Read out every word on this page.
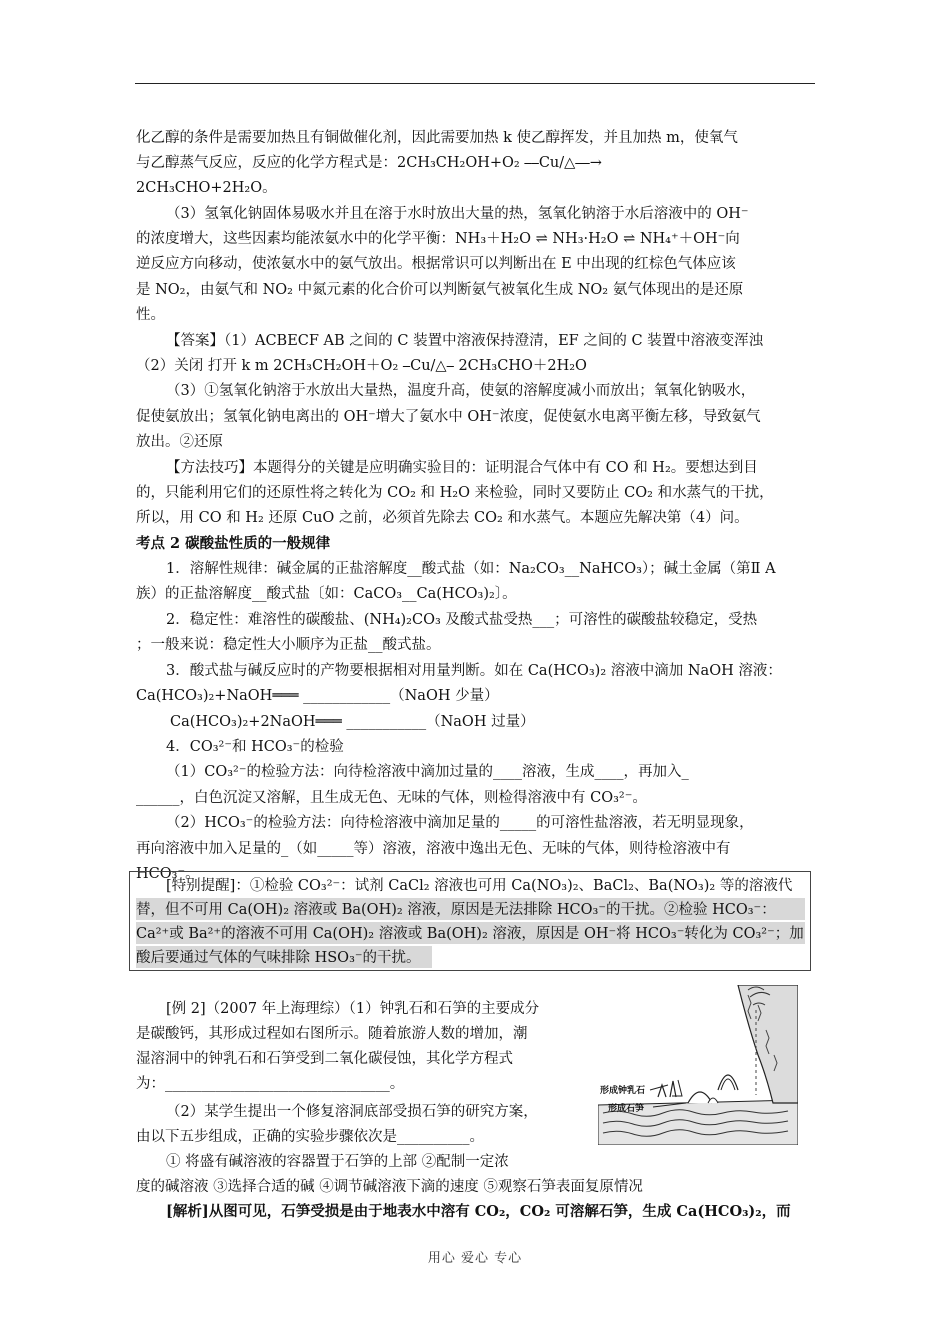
化乙醇的条件是需要加热且有铜做催化剂，因此需要加热 k 使乙醇挥发，并且加热 m，使氧气
与乙醇蒸气反应，反应的化学方程式是：2CH₃CH₂OH+O₂ ⎯⎯Cu/△⎯⎯→
2CH₃CHO+2H₂O。
（3）氢氧化钠固体易吸水并且在溶于水时放出大量的热，氢氧化钠溶于水后溶液中的 OH⁻
的浓度增大，这些因素均能浓氨水中的化学平衡：NH₃＋H₂O ⇌ NH₃·H₂O ⇌ NH₄⁺＋OH⁻向
逆反应方向移动，使浓氨水中的氨气放出。根据常识可以判断出在 E 中出现的红棕色气体应该
是 NO₂，由氨气和 NO₂ 中氮元素的化合价可以判断氨气被氧化生成 NO₂ 氨气体现出的是还原
性。
【答案】（1）ACBECF AB 之间的 C 装置中溶液保持澄清，EF 之间的 C 装置中溶液变浑浊
（2）关闭 打开 k m 2CH₃CH₂OH＋O₂ ⎯Cu/△⎯ 2CH₃CHO＋2H₂O
（3）①氢氧化钠溶于水放出大量热，温度升高，使氨的溶解度减小而放出；氧氧化钠吸水，
促使氨放出；氢氧化钠电离出的 OH⁻增大了氨水中 OH⁻浓度，促使氨水电离平衡左移，导致氨气
放出。②还原
【方法技巧】本题得分的关键是应明确实验目的：证明混合气体中有 CO 和 H₂。要想达到目
的，只能利用它们的还原性将之转化为 CO₂ 和 H₂O 来检验，同时又要防止 CO₂ 和水蒸气的干扰，
所以，用 CO 和 H₂ 还原 CuO 之前，必须首先除去 CO₂ 和水蒸气。本题应先解决第（4）问。
考点 2 碳酸盐性质的一般规律
1．溶解性规律：碱金属的正盐溶解度__酸式盐（如：Na₂CO₃__NaHCO₃）；碱土金属（第Ⅱ A
族）的正盐溶解度__酸式盐〔如：CaCO₃__Ca(HCO₃)₂〕。
2．稳定性：难溶性的碳酸盐、(NH₄)₂CO₃ 及酸式盐受热___；可溶性的碳酸盐较稳定，受热
；一般来说：稳定性大小顺序为正盐__酸式盐。
3．酸式盐与碱反应时的产物要根据相对用量判断。如在 Ca(HCO₃)₂ 溶液中滴加 NaOH 溶液：
Ca(HCO₃)₂+NaOH═══ ____________（NaOH 少量）
Ca(HCO₃)₂+2NaOH═══ ___________（NaOH 过量）
4．CO₃²⁻和 HCO₃⁻的检验
（1）CO₃²⁻的检验方法：向待检溶液中滴加过量的____溶液，生成____，再加入_
______，白色沉淀又溶解，且生成无色、无味的气体，则检得溶液中有 CO₃²⁻。
（2）HCO₃⁻的检验方法：向待检溶液中滴加足量的_____的可溶性盐溶液，若无明显现象，
再向溶液中加入足量的_（如_____等）溶液，溶液中逸出无色、无味的气体，则待检溶液中有
HCO₃⁻。
[特别提醒]：①检验 CO₃²⁻：试剂 CaCl₂ 溶液也可用 Ca(NO₃)₂、BaCl₂、Ba(NO₃)₂ 等的溶液代
替，但不可用 Ca(OH)₂ 溶液或 Ba(OH)₂ 溶液，原因是无法排除 HCO₃⁻的干扰。②检验 HCO₃⁻：
Ca²⁺或 Ba²⁺的溶液不可用 Ca(OH)₂ 溶液或 Ba(OH)₂ 溶液，原因是 OH⁻将 HCO₃⁻转化为 CO₃²⁻；加
酸后要通过气体的气味排除 HSO₃⁻的干扰。
[例 2]（2007 年上海理综）（1）钟乳石和石笋的主要成分
是碳酸钙，其形成过程如右图所示。随着旅游人数的增加，潮
湿溶洞中的钟乳石和石笋受到二氧化碳侵蚀，其化学方程式
为：_______________________________。
（2）某学生提出一个修复溶洞底部受损石笋的研究方案，
由以下五步组成，正确的实验步骤依次是__________。
① 将盛有碱溶液的容器置于石笋的上部 ②配制一定浓
度的碱溶液 ③选择合适的碱 ④调节碱溶液下滴的速度 ⑤观察石笋表面复原情况
[解析]从图可见，石笋受损是由于地表水中溶有 CO₂，CO₂ 可溶解石笋，生成 Ca(HCO₃)₂，而
形成钟乳石
形成石笋
用心 爱心 专心
